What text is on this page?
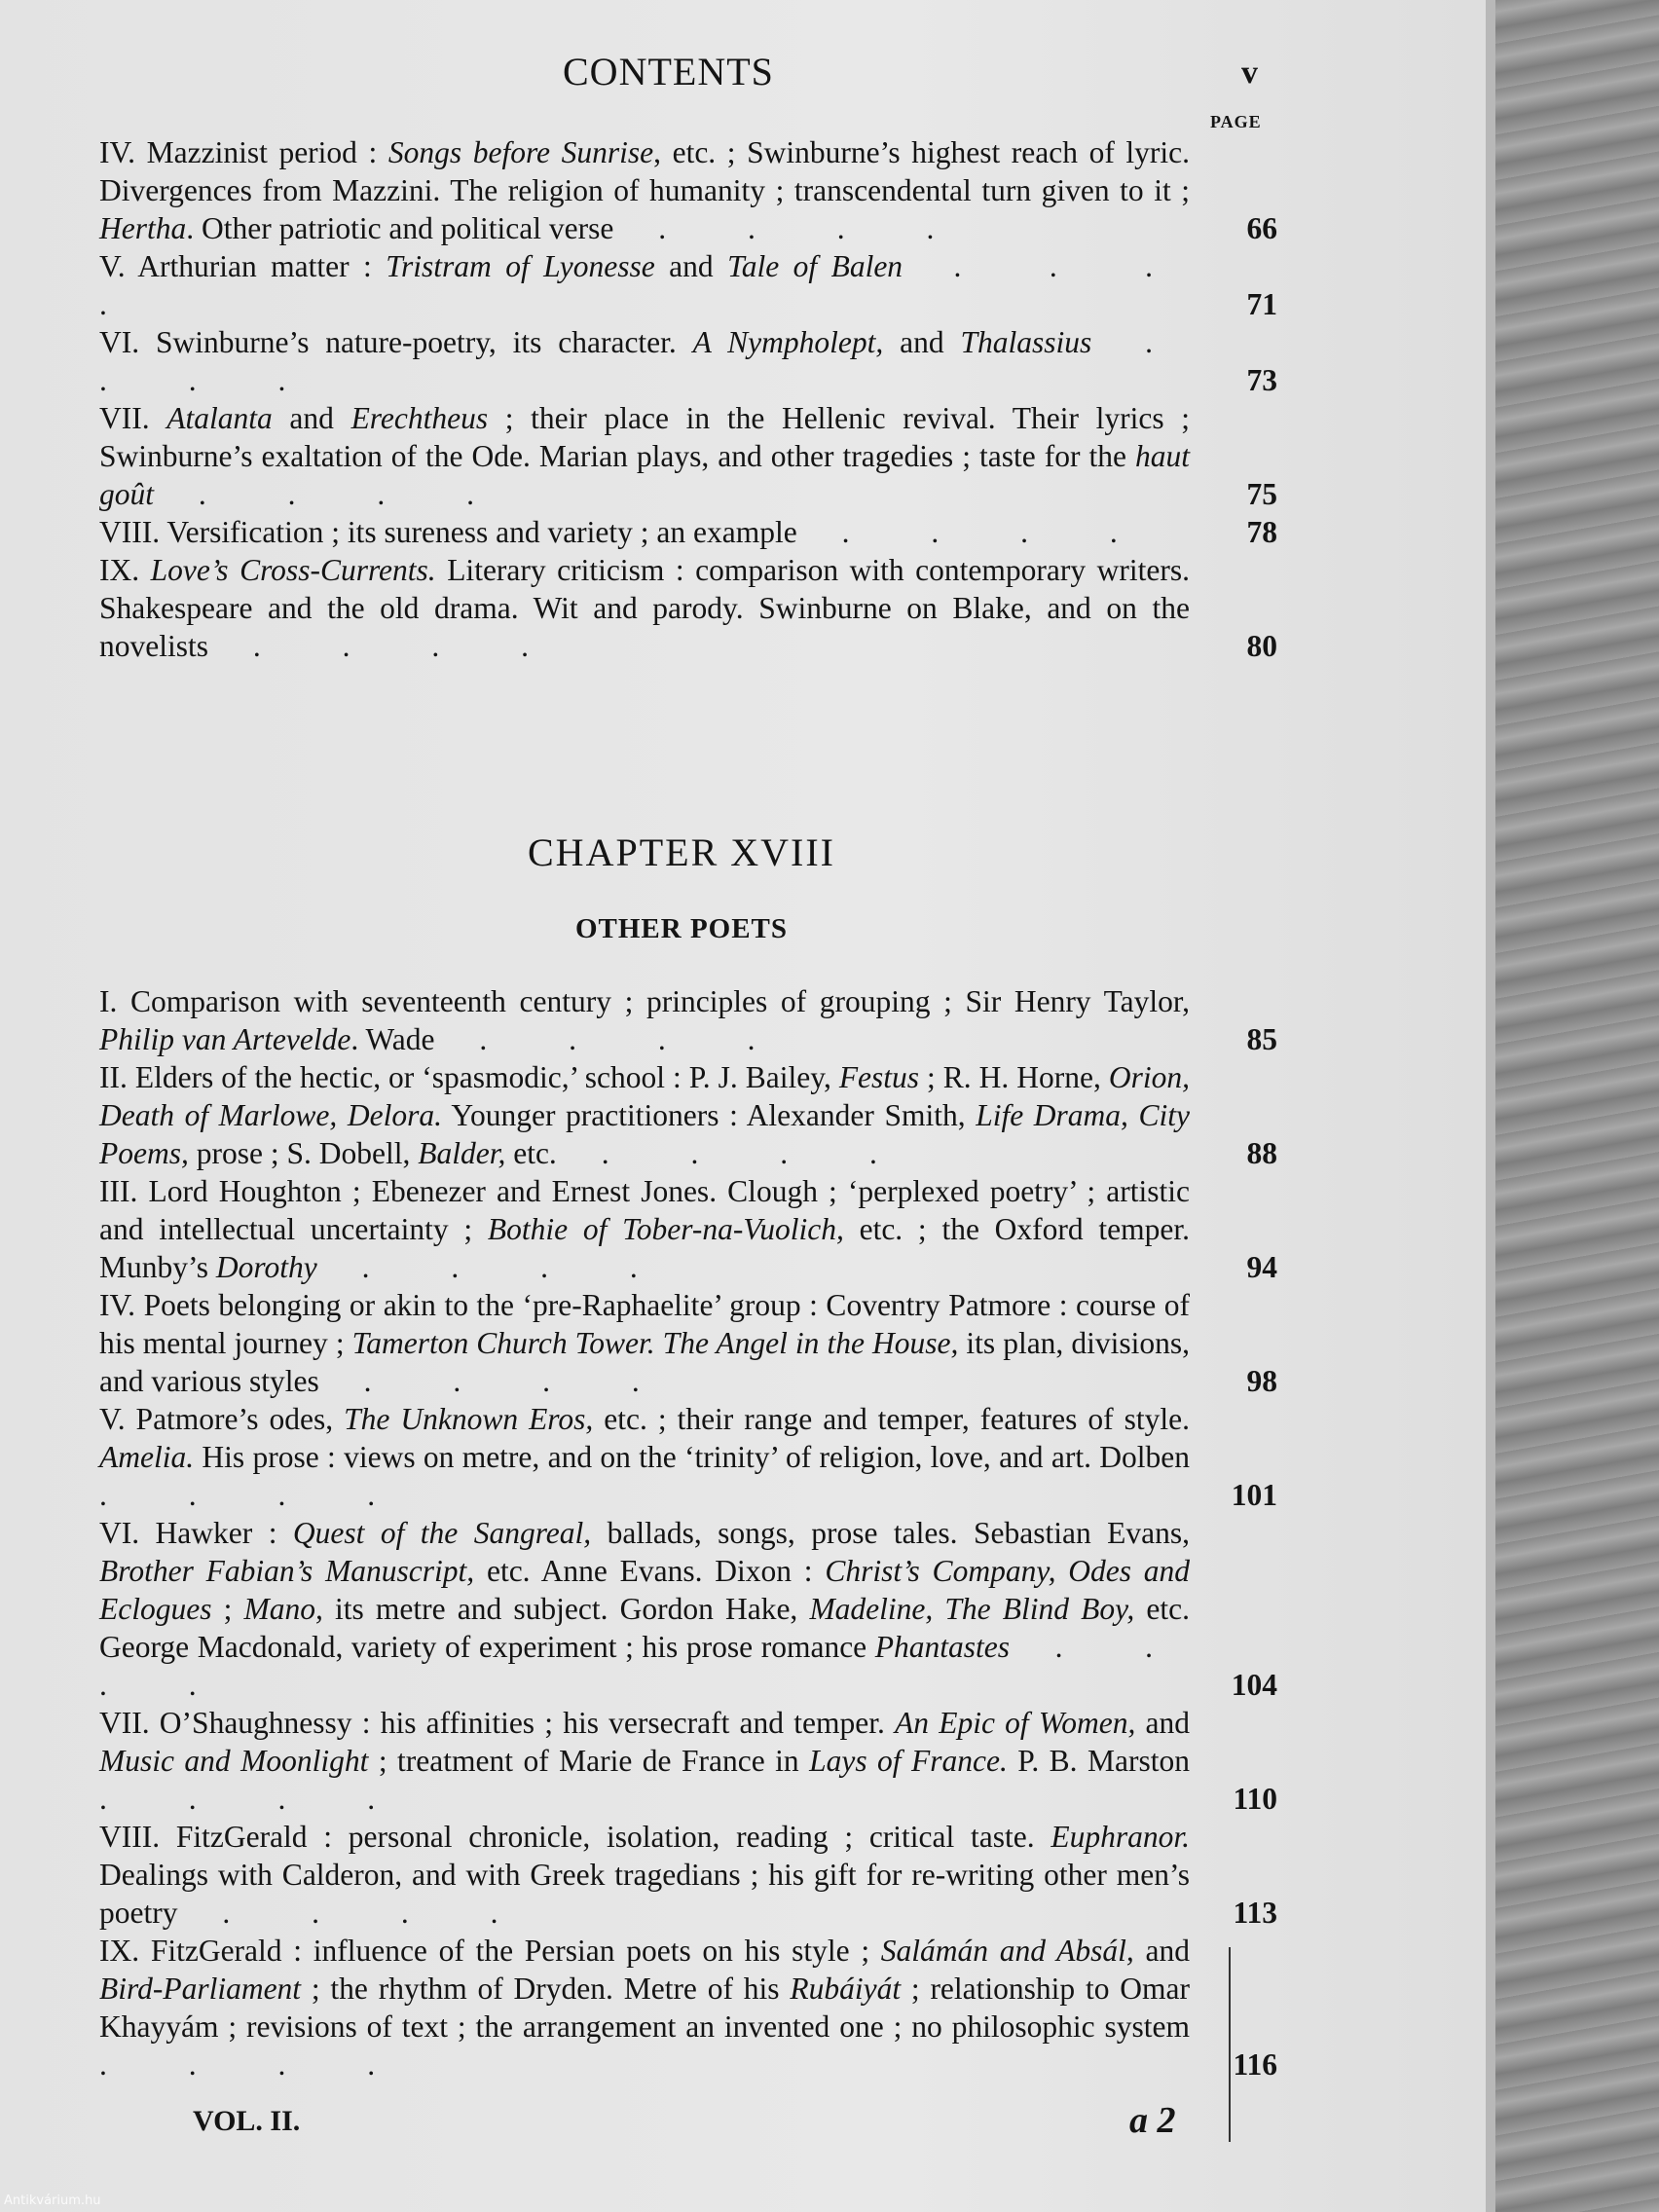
CONTENTS	v
PAGE
IV. Mazzinist period : Songs before Sunrise, etc. ; Swinburne’s highest reach of lyric. Divergences from Mazzini. The religion of humanity ; transcendental turn given to it ; Hertha. Other patriotic and political verse . . . .	66
V. Arthurian matter : Tristram of Lyonesse and Tale of Balen . . . .	71
VI. Swinburne’s nature-poetry, its character. A Nympholept, and Thalassius . . . .	73
VII. Atalanta and Erechtheus ; their place in the Hellenic revival. Their lyrics ; Swinburne’s exaltation of the Ode. Marian plays, and other tragedies ; taste for the haut goût . . . .	75
VIII. Versification ; its sureness and variety ; an example . . . .	78
IX. Love’s Cross-Currents. Literary criticism : comparison with contemporary writers. Shakespeare and the old drama. Wit and parody. Swinburne on Blake, and on the novelists . . . .	80
CHAPTER XVIII
OTHER POETS
I. Comparison with seventeenth century ; principles of grouping ; Sir Henry Taylor, Philip van Artevelde. Wade . . . .	85
II. Elders of the hectic, or ‘spasmodic,’ school : P. J. Bailey, Festus ; R. H. Horne, Orion, Death of Marlowe, Delora. Younger practitioners : Alexander Smith, Life Drama, City Poems, prose ; S. Dobell, Balder, etc. . . . .	88
III. Lord Houghton ; Ebenezer and Ernest Jones. Clough ; ‘perplexed poetry’ ; artistic and intellectual uncertainty ; Bothie of Tober-na-Vuolich, etc. ; the Oxford temper. Munby’s Dorothy . . . .	94
IV. Poets belonging or akin to the ‘pre-Raphaelite’ group : Coventry Patmore : course of his mental journey ; Tamerton Church Tower. The Angel in the House, its plan, divisions, and various styles . . . .	98
V. Patmore’s odes, The Unknown Eros, etc. ; their range and temper, features of style. Amelia. His prose : views on metre, and on the ‘trinity’ of religion, love, and art. Dolben . . . .	101
VI. Hawker : Quest of the Sangreal, ballads, songs, prose tales. Sebastian Evans, Brother Fabian’s Manuscript, etc. Anne Evans. Dixon : Christ’s Company, Odes and Eclogues ; Mano, its metre and subject. Gordon Hake, Madeline, The Blind Boy, etc. George Macdonald, variety of experiment ; his prose romance Phantastes . . . .	104
VII. O’Shaughnessy : his affinities ; his versecraft and temper. An Epic of Women, and Music and Moonlight ; treatment of Marie de France in Lays of France. P. B. Marston . . . .	110
VIII. FitzGerald : personal chronicle, isolation, reading ; critical taste. Euphranor. Dealings with Calderon, and with Greek tragedians ; his gift for re-writing other men’s poetry . . . .	113
IX. FitzGerald : influence of the Persian poets on his style ; Salámán and Absál, and Bird-Parliament ; the rhythm of Dryden. Metre of his Rubáiyát ; relationship to Omar Khayyám ; revisions of text ; the arrangement an invented one ; no philosophic system . . . .	116
VOL. II.	a 2
Antikvárium.hu
